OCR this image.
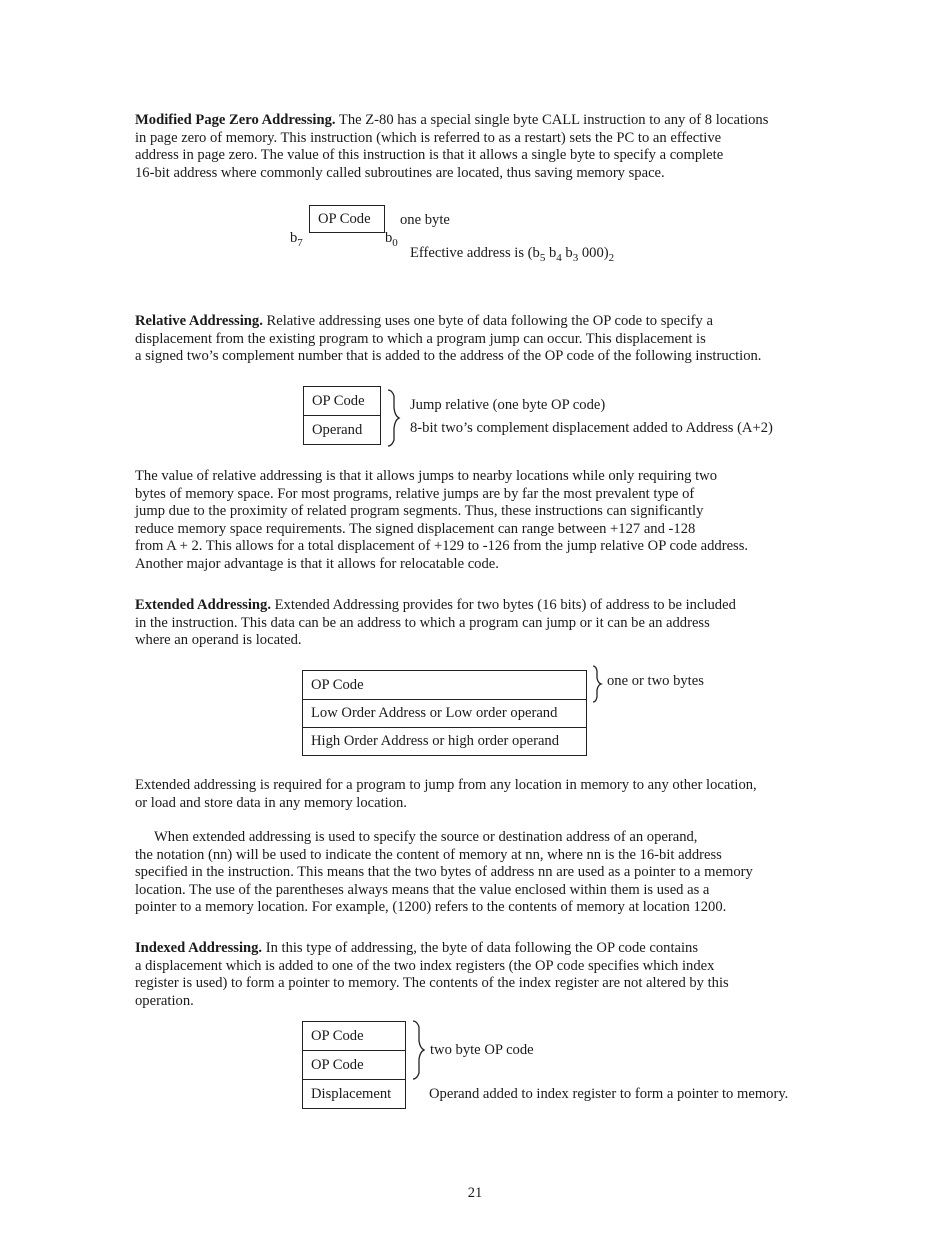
Modified Page Zero Addressing. The Z-80 has a special single byte CALL instruction to any of 8 locations
in page zero of memory. This instruction (which is referred to as a restart) sets the PC to an effective
address in page zero. The value of this instruction is that it allows a single byte to specify a complete
16-bit address where commonly called subroutines are located, thus saving memory space.
OP Code	one byte
$b_7$	$b_0$
Effective address is ($b_5$ $b_4$ $b_3$ $000)_2$
Relative Addressing. Relative addressing uses one byte of data following the OP code to specify a
displacement from the existing program to which a program jump can occur. This displacement is
a signed two’s complement number that is added to the address of the OP code of the following instruction.
OP Code
Operand
Jump relative (one byte OP code)
8-bit two’s complement displacement added to Address (A+2)
The value of relative addressing is that it allows jumps to nearby locations while only requiring two
bytes of memory space. For most programs, relative jumps are by far the most prevalent type of
jump due to the proximity of related program segments. Thus, these instructions can significantly
reduce memory space requirements. The signed displacement can range between +127 and -128
from A + 2. This allows for a total displacement of +129 to -126 from the jump relative OP code address.
Another major advantage is that it allows for relocatable code.
Extended Addressing. Extended Addressing provides for two bytes (16 bits) of address to be included
in the instruction. This data can be an address to which a program can jump or it can be an address
where an operand is located.
OP Code
Low Order Address or Low order operand
High Order Address or high order operand
one or two bytes
Extended addressing is required for a program to jump from any location in memory to any other location,
or load and store data in any memory location.
When extended addressing is used to specify the source or destination address of an operand,
the notation (nn) will be used to indicate the content of memory at nn, where nn is the 16-bit address
specified in the instruction. This means that the two bytes of address nn are used as a pointer to a memory
location. The use of the parentheses always means that the value enclosed within them is used as a
pointer to a memory location. For example, (1200) refers to the contents of memory at location 1200.
Indexed Addressing. In this type of addressing, the byte of data following the OP code contains
a displacement which is added to one of the two index registers (the OP code specifies which index
register is used) to form a pointer to memory. The contents of the index register are not altered by this
operation.
OP Code
OP Code
Displacement
two byte OP code
Operand added to index register to form a pointer to memory.
21
